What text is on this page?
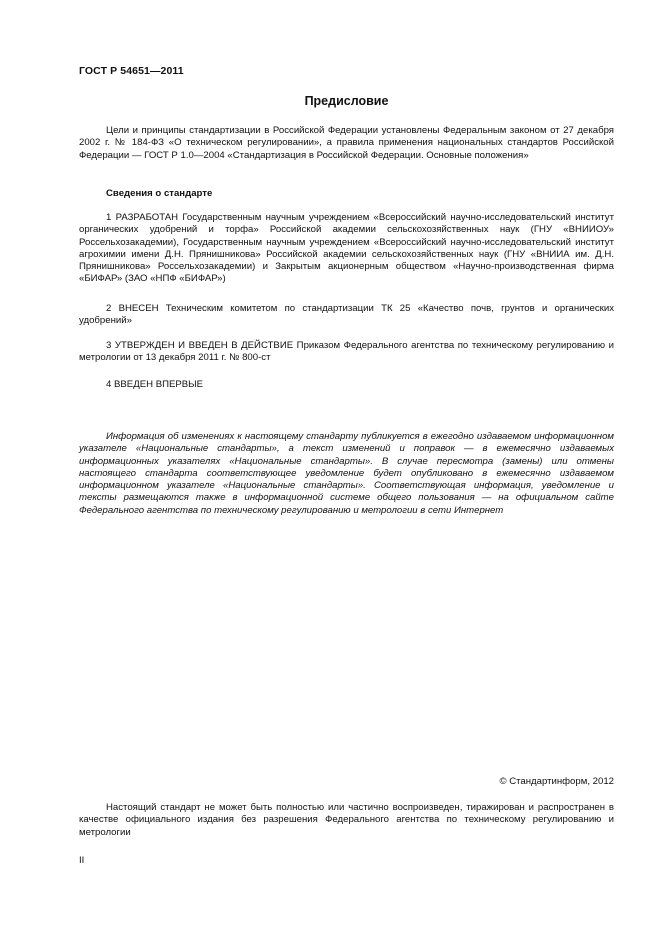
ГОСТ Р 54651—2011
Предисловие

Цели и принципы стандартизации в Российской Федерации установлены Федеральным законом от 27 декабря 2002 г. № 184-ФЗ «О техническом регулировании», а правила применения национальных стандартов Российской Федерации — ГОСТ Р 1.0—2004 «Стандартизация в Российской Федерации. Основные положения»

Сведения о стандарте

1 РАЗРАБОТАН Государственным научным учреждением «Всероссийский научно-исследовательский институт органических удобрений и торфа» Российской академии сельскохозяйственных наук (ГНУ «ВНИИОУ» Россельхозакадемии), Государственным научным учреждением «Всероссийский научно-исследовательский институт агрохимии имени Д.Н. Прянишникова» Российской академии сельскохозяйственных наук (ГНУ «ВНИИА им. Д.Н. Прянишникова» Россельхозакадемии) и Закрытым акционерным обществом «Научно-производственная фирма «БИФАР» (ЗАО «НПФ «БИФАР»)

2 ВНЕСЕН Техническим комитетом по стандартизации ТК 25 «Качество почв, грунтов и органических удобрений»

3 УТВЕРЖДЕН И ВВЕДЕН В ДЕЙСТВИЕ Приказом Федерального агентства по техническому регулированию и метрологии от 13 декабря 2011 г. № 800-ст

4 ВВЕДЕН ВПЕРВЫЕ

Информация об изменениях к настоящему стандарту публикуется в ежегодно издаваемом информационном указателе «Национальные стандарты», а текст изменений и поправок — в ежемесячно издаваемых информационных указателях «Национальные стандарты». В случае пересмотра (замены) или отмены настоящего стандарта соответствующее уведомление будет опубликовано в ежемесячно издаваемом информационном указателе «Национальные стандарты». Соответствующая информация, уведомление и тексты размещаются также в информационной системе общего пользования — на официальном сайте Федерального агентства по техническому регулированию и метрологии в сети Интернет

© Стандартинформ, 2012

Настоящий стандарт не может быть полностью или частично воспроизведен, тиражирован и распространен в качестве официального издания без разрешения Федерального агентства по техническому регулированию и метрологии

II
